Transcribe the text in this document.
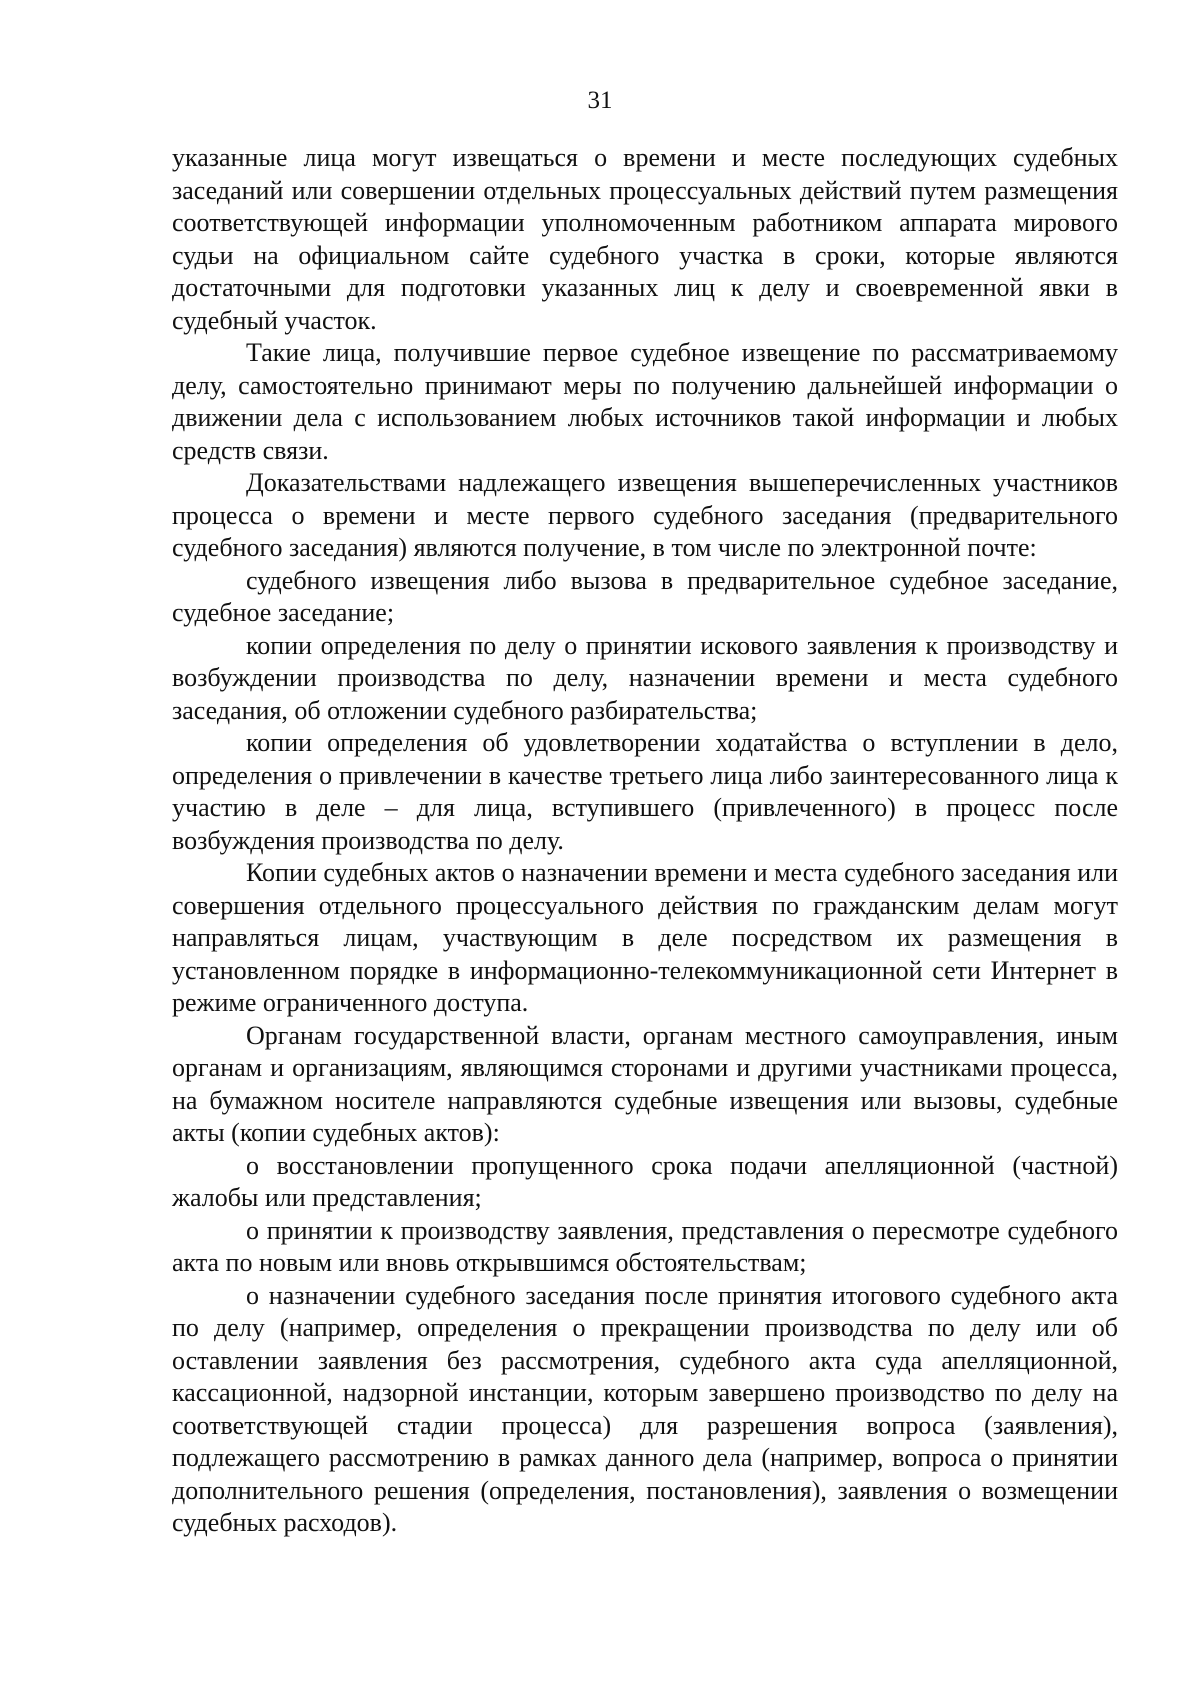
31

указанные лица могут извещаться о времени и месте последующих судебных заседаний или совершении отдельных процессуальных действий путем размещения соответствующей информации уполномоченным работником аппарата мирового судьи на официальном сайте судебного участка в сроки, которые являются достаточными для подготовки указанных лиц к делу и своевременной явки в судебный участок.

Такие лица, получившие первое судебное извещение по рассматриваемому делу, самостоятельно принимают меры по получению дальнейшей информации о движении дела с использованием любых источников такой информации и любых средств связи.

Доказательствами надлежащего извещения вышеперечисленных участников процесса о времени и месте первого судебного заседания (предварительного судебного заседания) являются получение, в том числе по электронной почте:

судебного извещения либо вызова в предварительное судебное заседание, судебное заседание;

копии определения по делу о принятии искового заявления к производству и возбуждении производства по делу, назначении времени и места судебного заседания, об отложении судебного разбирательства;

копии определения об удовлетворении ходатайства о вступлении в дело, определения о привлечении в качестве третьего лица либо заинтересованного лица к участию в деле – для лица, вступившего (привлеченного) в процесс после возбуждения производства по делу.

Копии судебных актов о назначении времени и места судебного заседания или совершения отдельного процессуального действия по гражданским делам могут направляться лицам, участвующим в деле посредством их размещения в установленном порядке в информационно-телекоммуникационной сети Интернет в режиме ограниченного доступа.

Органам государственной власти, органам местного самоуправления, иным органам и организациям, являющимся сторонами и другими участниками процесса, на бумажном носителе направляются судебные извещения или вызовы, судебные акты (копии судебных актов):

о восстановлении пропущенного срока подачи апелляционной (частной) жалобы или представления;

о принятии к производству заявления, представления о пересмотре судебного акта по новым или вновь открывшимся обстоятельствам;

о назначении судебного заседания после принятия итогового судебного акта по делу (например, определения о прекращении производства по делу или об оставлении заявления без рассмотрения, судебного акта суда апелляционной, кассационной, надзорной инстанции, которым завершено производство по делу на соответствующей стадии процесса) для разрешения вопроса (заявления), подлежащего рассмотрению в рамках данного дела (например, вопроса о принятии дополнительного решения (определения, постановления), заявления о возмещении судебных расходов).
